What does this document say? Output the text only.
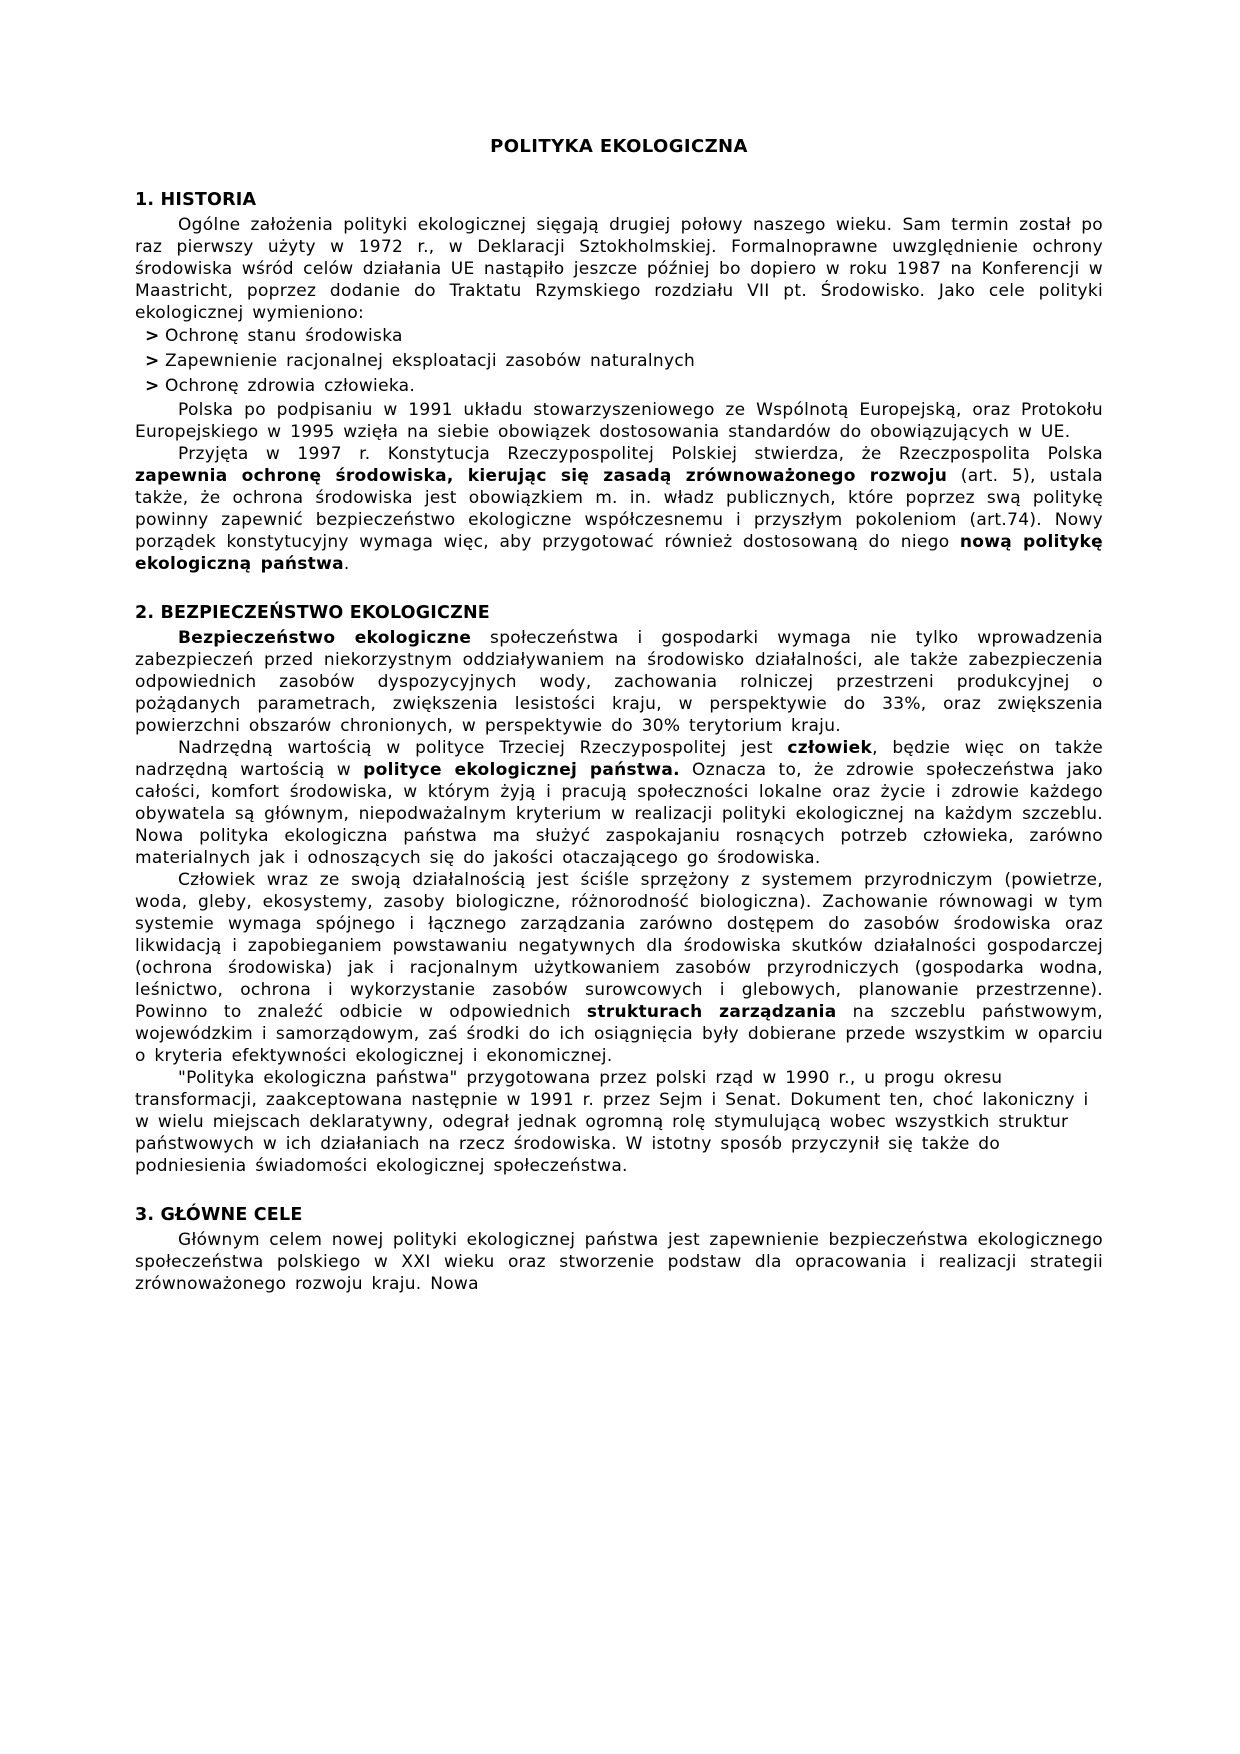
POLITYKA EKOLOGICZNA
1. HISTORIA

Ogólne założenia polityki ekologicznej sięgają drugiej połowy naszego wieku. Sam termin został po raz pierwszy użyty w 1972 r., w Deklaracji Sztokholmskiej. Formalnoprawne uwzględnienie ochrony środowiska wśród celów działania UE nastąpiło jeszcze później bo dopiero w roku 1987 na Konferencji w Maastricht, poprzez dodanie do Traktatu Rzymskiego rozdziału VII pt. Środowisko. Jako cele polityki ekologicznej wymieniono:

> Ochronę stanu środowiska
> Zapewnienie racjonalnej eksploatacji zasobów naturalnych
> Ochronę zdrowia człowieka.

Polska po podpisaniu w 1991 układu stowarzyszeniowego ze Wspólnotą Europejską, oraz Protokołu Europejskiego w 1995 wzięła na siebie obowiązek dostosowania standardów do obowiązujących w UE.

Przyjęta w 1997 r. Konstytucja Rzeczypospolitej Polskiej stwierdza, że Rzeczpospolita Polska zapewnia ochronę środowiska, kierując się zasadą zrównoważonego rozwoju (art. 5), ustala także, że ochrona środowiska jest obowiązkiem m. in. władz publicznych, które poprzez swą politykę powinny zapewnić bezpieczeństwo ekologiczne współczesnemu i przyszłym pokoleniom (art.74). Nowy porządek konstytucyjny wymaga więc, aby przygotować również dostosowaną do niego nową politykę ekologiczną państwa.

2. BEZPIECZEŃSTWO EKOLOGICZNE

Bezpieczeństwo ekologiczne społeczeństwa i gospodarki wymaga nie tylko wprowadzenia zabezpieczeń przed niekorzystnym oddziaływaniem na środowisko działalności, ale także zabezpieczenia odpowiednich zasobów dyspozycyjnych wody, zachowania rolniczej przestrzeni produkcyjnej o pożądanych parametrach, zwiększenia lesistości kraju, w perspektywie do 33%, oraz zwiększenia powierzchni obszarów chronionych, w perspektywie do 30% terytorium kraju.

Nadrzędną wartością w polityce Trzeciej Rzeczypospolitej jest człowiek, będzie więc on także nadrzędną wartością w polityce ekologicznej państwa. Oznacza to, że zdrowie społeczeństwa jako całości, komfort środowiska, w którym żyją i pracują społeczności lokalne oraz życie i zdrowie każdego obywatela są głównym, niepodważalnym kryterium w realizacji polityki ekologicznej na każdym szczeblu. Nowa polityka ekologiczna państwa ma służyć zaspokajaniu rosnących potrzeb człowieka, zarówno materialnych jak i odnoszących się do jakości otaczającego go środowiska.

Człowiek wraz ze swoją działalnością jest ściśle sprzężony z systemem przyrodniczym (powietrze, woda, gleby, ekosystemy, zasoby biologiczne, różnorodność biologiczna). Zachowanie równowagi w tym systemie wymaga spójnego i łącznego zarządzania zarówno dostępem do zasobów środowiska oraz likwidacją i zapobieganiem powstawaniu negatywnych dla środowiska skutków działalności gospodarczej (ochrona środowiska) jak i racjonalnym użytkowaniem zasobów przyrodniczych (gospodarka wodna, leśnictwo, ochrona i wykorzystanie zasobów surowcowych i glebowych, planowanie przestrzenne). Powinno to znaleźć odbicie w odpowiednich strukturach zarządzania na szczeblu państwowym, wojewódzkim i samorządowym, zaś środki do ich osiągnięcia były dobierane przede wszystkim w oparciu o kryteria efektywności ekologicznej i ekonomicznej.

"Polityka ekologiczna państwa" przygotowana przez polski rząd w 1990 r., u progu okresu transformacji, zaakceptowana następnie w 1991 r. przez Sejm i Senat. Dokument ten, choć lakoniczny i w wielu miejscach deklaratywny, odegrał jednak ogromną rolę stymulującą wobec wszystkich struktur państwowych w ich działaniach na rzecz środowiska. W istotny sposób przyczynił się także do podniesienia świadomości ekologicznej społeczeństwa.

3. GŁÓWNE CELE

Głównym celem nowej polityki ekologicznej państwa jest zapewnienie bezpieczeństwa ekologicznego społeczeństwa polskiego w XXI wieku oraz stworzenie podstaw dla opracowania i realizacji strategii zrównoważonego rozwoju kraju. Nowa
